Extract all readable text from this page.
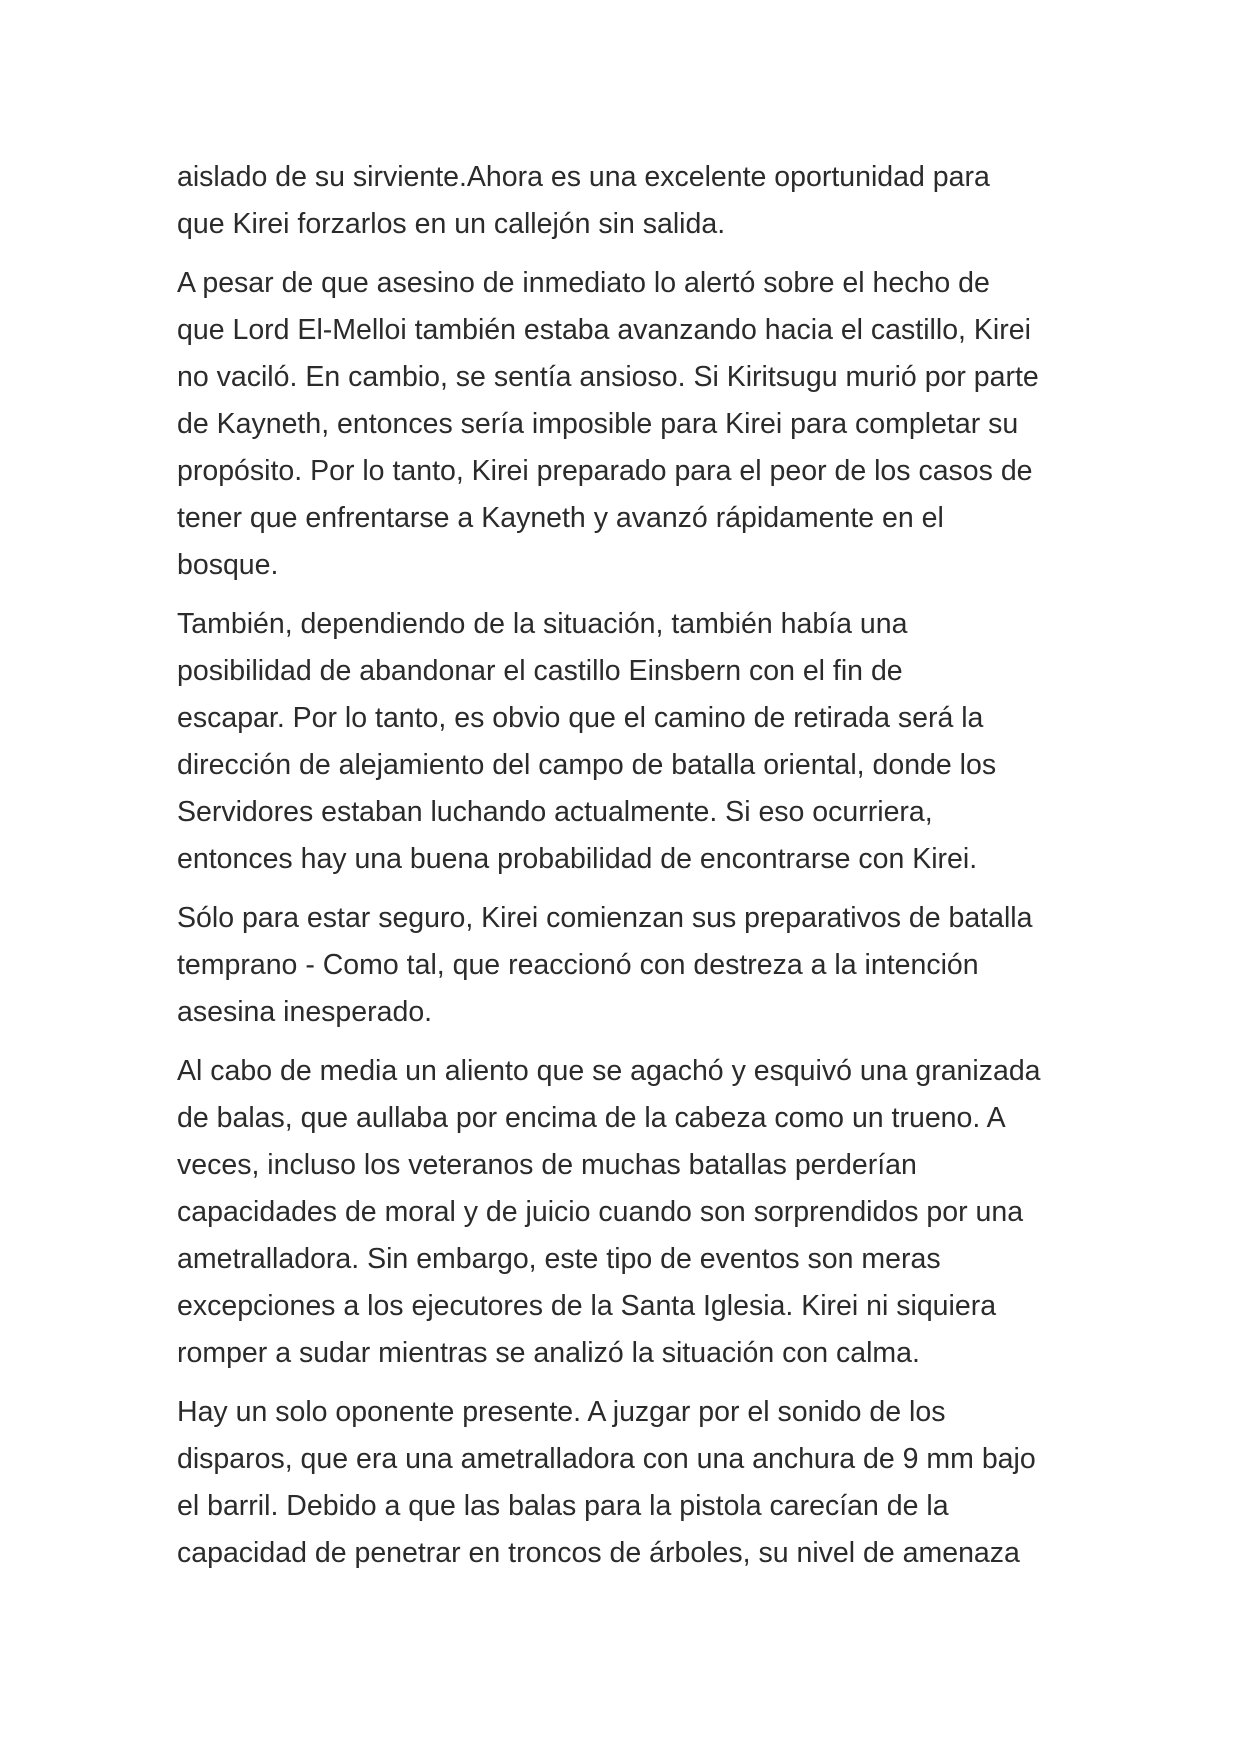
aislado de su sirviente.Ahora es una excelente oportunidad para
que Kirei forzarlos en un callejón sin salida.

A pesar de que asesino de inmediato lo alertó sobre el hecho de
que Lord El-Melloi también estaba avanzando hacia el castillo, Kirei
no vaciló. En cambio, se sentía ansioso. Si Kiritsugu murió por parte
de Kayneth, entonces sería imposible para Kirei para completar su
propósito. Por lo tanto, Kirei preparado para el peor de los casos de
tener que enfrentarse a Kayneth y avanzó rápidamente en el
bosque.

También, dependiendo de la situación, también había una
posibilidad de abandonar el castillo Einsbern con el fin de
escapar. Por lo tanto, es obvio que el camino de retirada será la
dirección de alejamiento del campo de batalla oriental, donde los
Servidores estaban luchando actualmente. Si eso ocurriera,
entonces hay una buena probabilidad de encontrarse con Kirei.

Sólo para estar seguro, Kirei comienzan sus preparativos de batalla
temprano - Como tal, que reaccionó con destreza a la intención
asesina inesperado.

Al cabo de media un aliento que se agachó y esquivó una granizada
de balas, que aullaba por encima de la cabeza como un trueno. A
veces, incluso los veteranos de muchas batallas perderían
capacidades de moral y de juicio cuando son sorprendidos por una
ametralladora. Sin embargo, este tipo de eventos son meras
excepciones a los ejecutores de la Santa Iglesia. Kirei ni siquiera
romper a sudar mientras se analizó la situación con calma.

Hay un solo oponente presente. A juzgar por el sonido de los
disparos, que era una ametralladora con una anchura de 9 mm bajo
el barril. Debido a que las balas para la pistola carecían de la
capacidad de penetrar en troncos de árboles, su nivel de amenaza
